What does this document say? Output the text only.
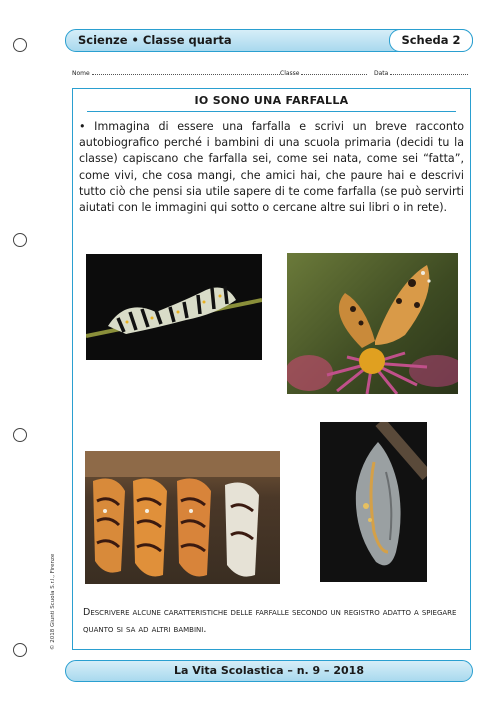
Scienze • Classe quarta	Scheda 2
Nome	Classe	Data
IO SONO UNA FARFALLA
• Immagina di essere una farfalla e scrivi un breve racconto autobiografico perché i bambini di una scuola primaria (decidi tu la classe) capiscano che farfalla sei, come sei nata, come sei “fatta”, come vivi, che cosa mangi, che amici hai, che paure hai e descrivi tutto ciò che pensi sia utile sapere di te come farfalla (se può servirti aiutati con le immagini qui sotto o cercane altre sui libri o in rete).
Descrivere alcune caratteristiche delle farfalle secondo un registro adatto a spiegare quanto si sa ad altri bambini.
© 2018 Giunti Scuola S.r.l., Firenze
La Vita Scolastica – n. 9 – 2018
